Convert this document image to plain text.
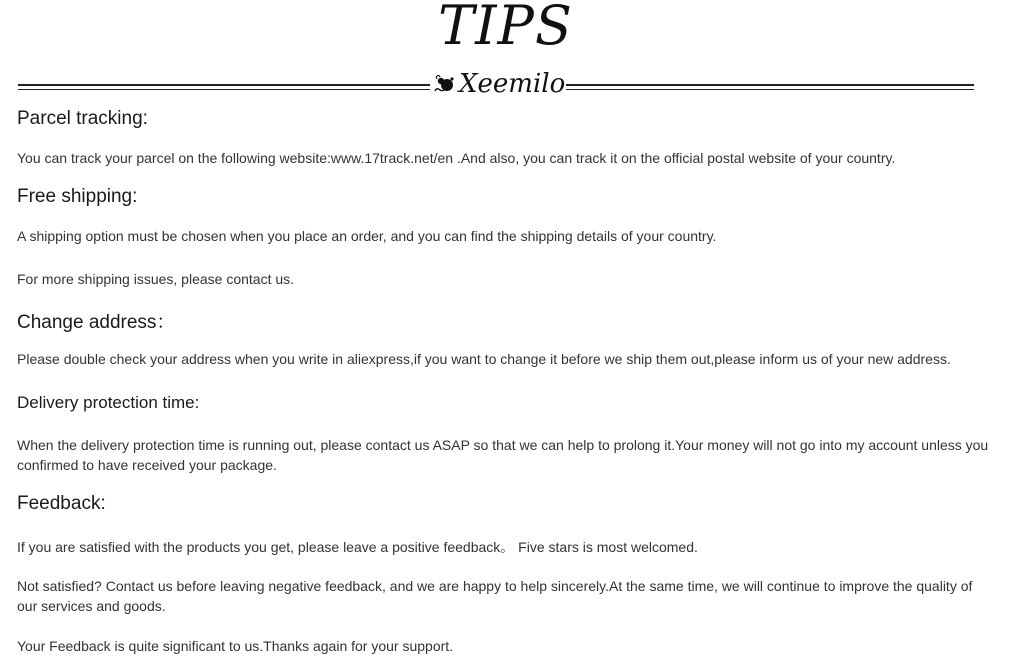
TIPS
Xeemilo
Parcel tracking:
You can track your parcel on the following website:www.17track.net/en .And also, you can track it on the official postal website of your country.
Free shipping:
A shipping option must be chosen when you place an order, and you can find the shipping details of your country.
For more shipping issues, please contact us.
Change address：
Please double check your address when you write in aliexpress,if you want to change it before we ship them out,please inform us of your new address.
Delivery protection time:
When the delivery protection time is running out, please contact us ASAP so that we can help to prolong it.Your money will not go into my account unless you confirmed to have received your package.
Feedback:
If you are satisfied with the products you get, please leave a positive feedback。 Five stars is most welcomed.
Not satisfied? Contact us before leaving negative feedback, and we are happy to help sincerely.At the same time, we will continue to improve the quality of our services and goods.
Your Feedback is quite significant to us.Thanks again for your support.
